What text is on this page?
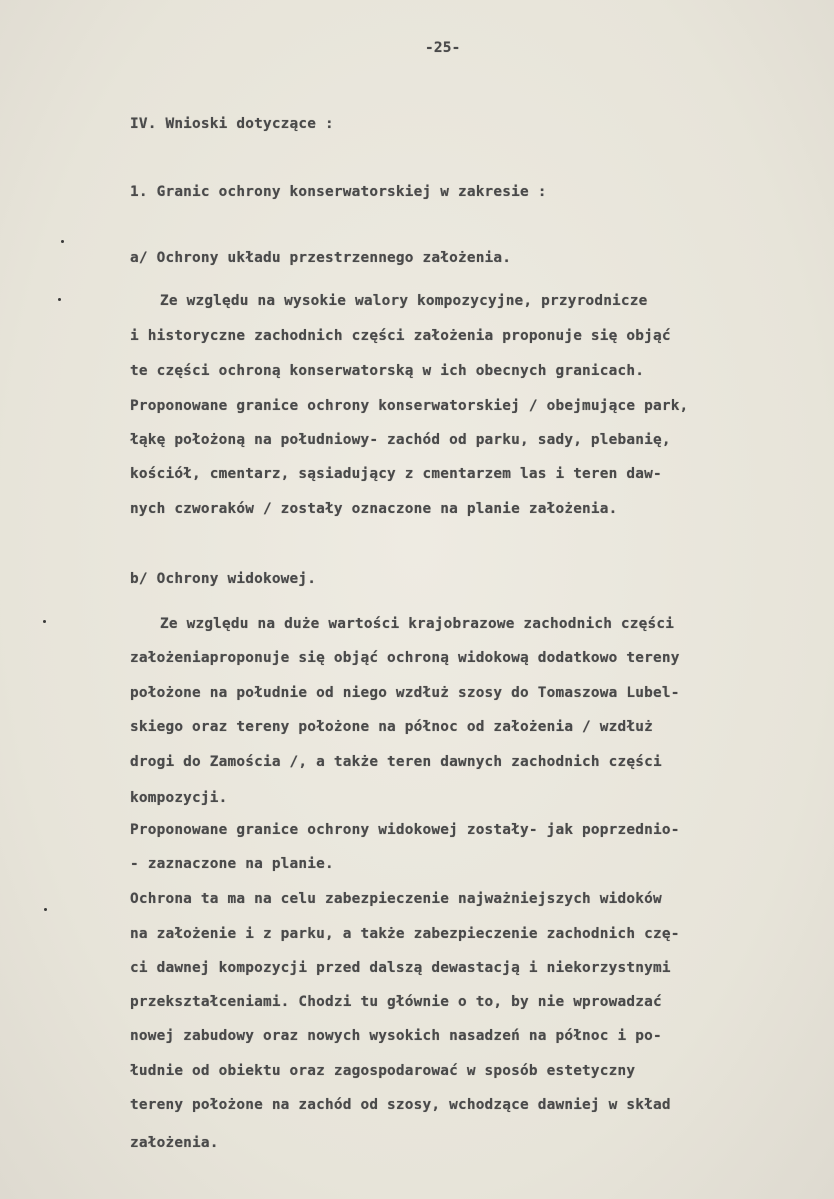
-25-
IV. Wnioski dotyczące :
1. Granic ochrony konserwatorskiej w zakresie :
a/ Ochrony układu przestrzennego założenia.
Ze względu na wysokie walory kompozycyjne, przyrodnicze
i historyczne zachodnich części założenia proponuje się objąć
te części ochroną konserwatorską w ich obecnych granicach.
Proponowane granice ochrony konserwatorskiej / obejmujące park,
łąkę położoną na południowy- zachód od parku, sady, plebanię,
kościół, cmentarz, sąsiadujący z cmentarzem las i teren daw-
nych czworaków / zostały oznaczone na planie założenia.
b/ Ochrony widokowej.
Ze względu na duże wartości krajobrazowe zachodnich części
założeniaproponuje się objąć ochroną widokową dodatkowo tereny
położone na południe od niego wzdłuż szosy do Tomaszowa Lubel-
skiego oraz tereny położone na północ od założenia / wzdłuż
drogi do Zamościa /, a także teren dawnych zachodnich części
kompozycji.
Proponowane granice ochrony widokowej zostały- jak poprzednio-
- zaznaczone na planie.
Ochrona ta ma na celu zabezpieczenie najważniejszych widoków
na założenie i z parku, a także zabezpieczenie zachodnich czę-
ci dawnej kompozycji przed dalszą dewastacją i niekorzystnymi
przekształceniami. Chodzi tu głównie o to, by nie wprowadzać
nowej zabudowy oraz nowych wysokich nasadzeń na północ i po-
łudnie od obiektu oraz zagospodarować w sposób estetyczny
tereny położone na zachód od szosy, wchodzące dawniej w skład
założenia.
